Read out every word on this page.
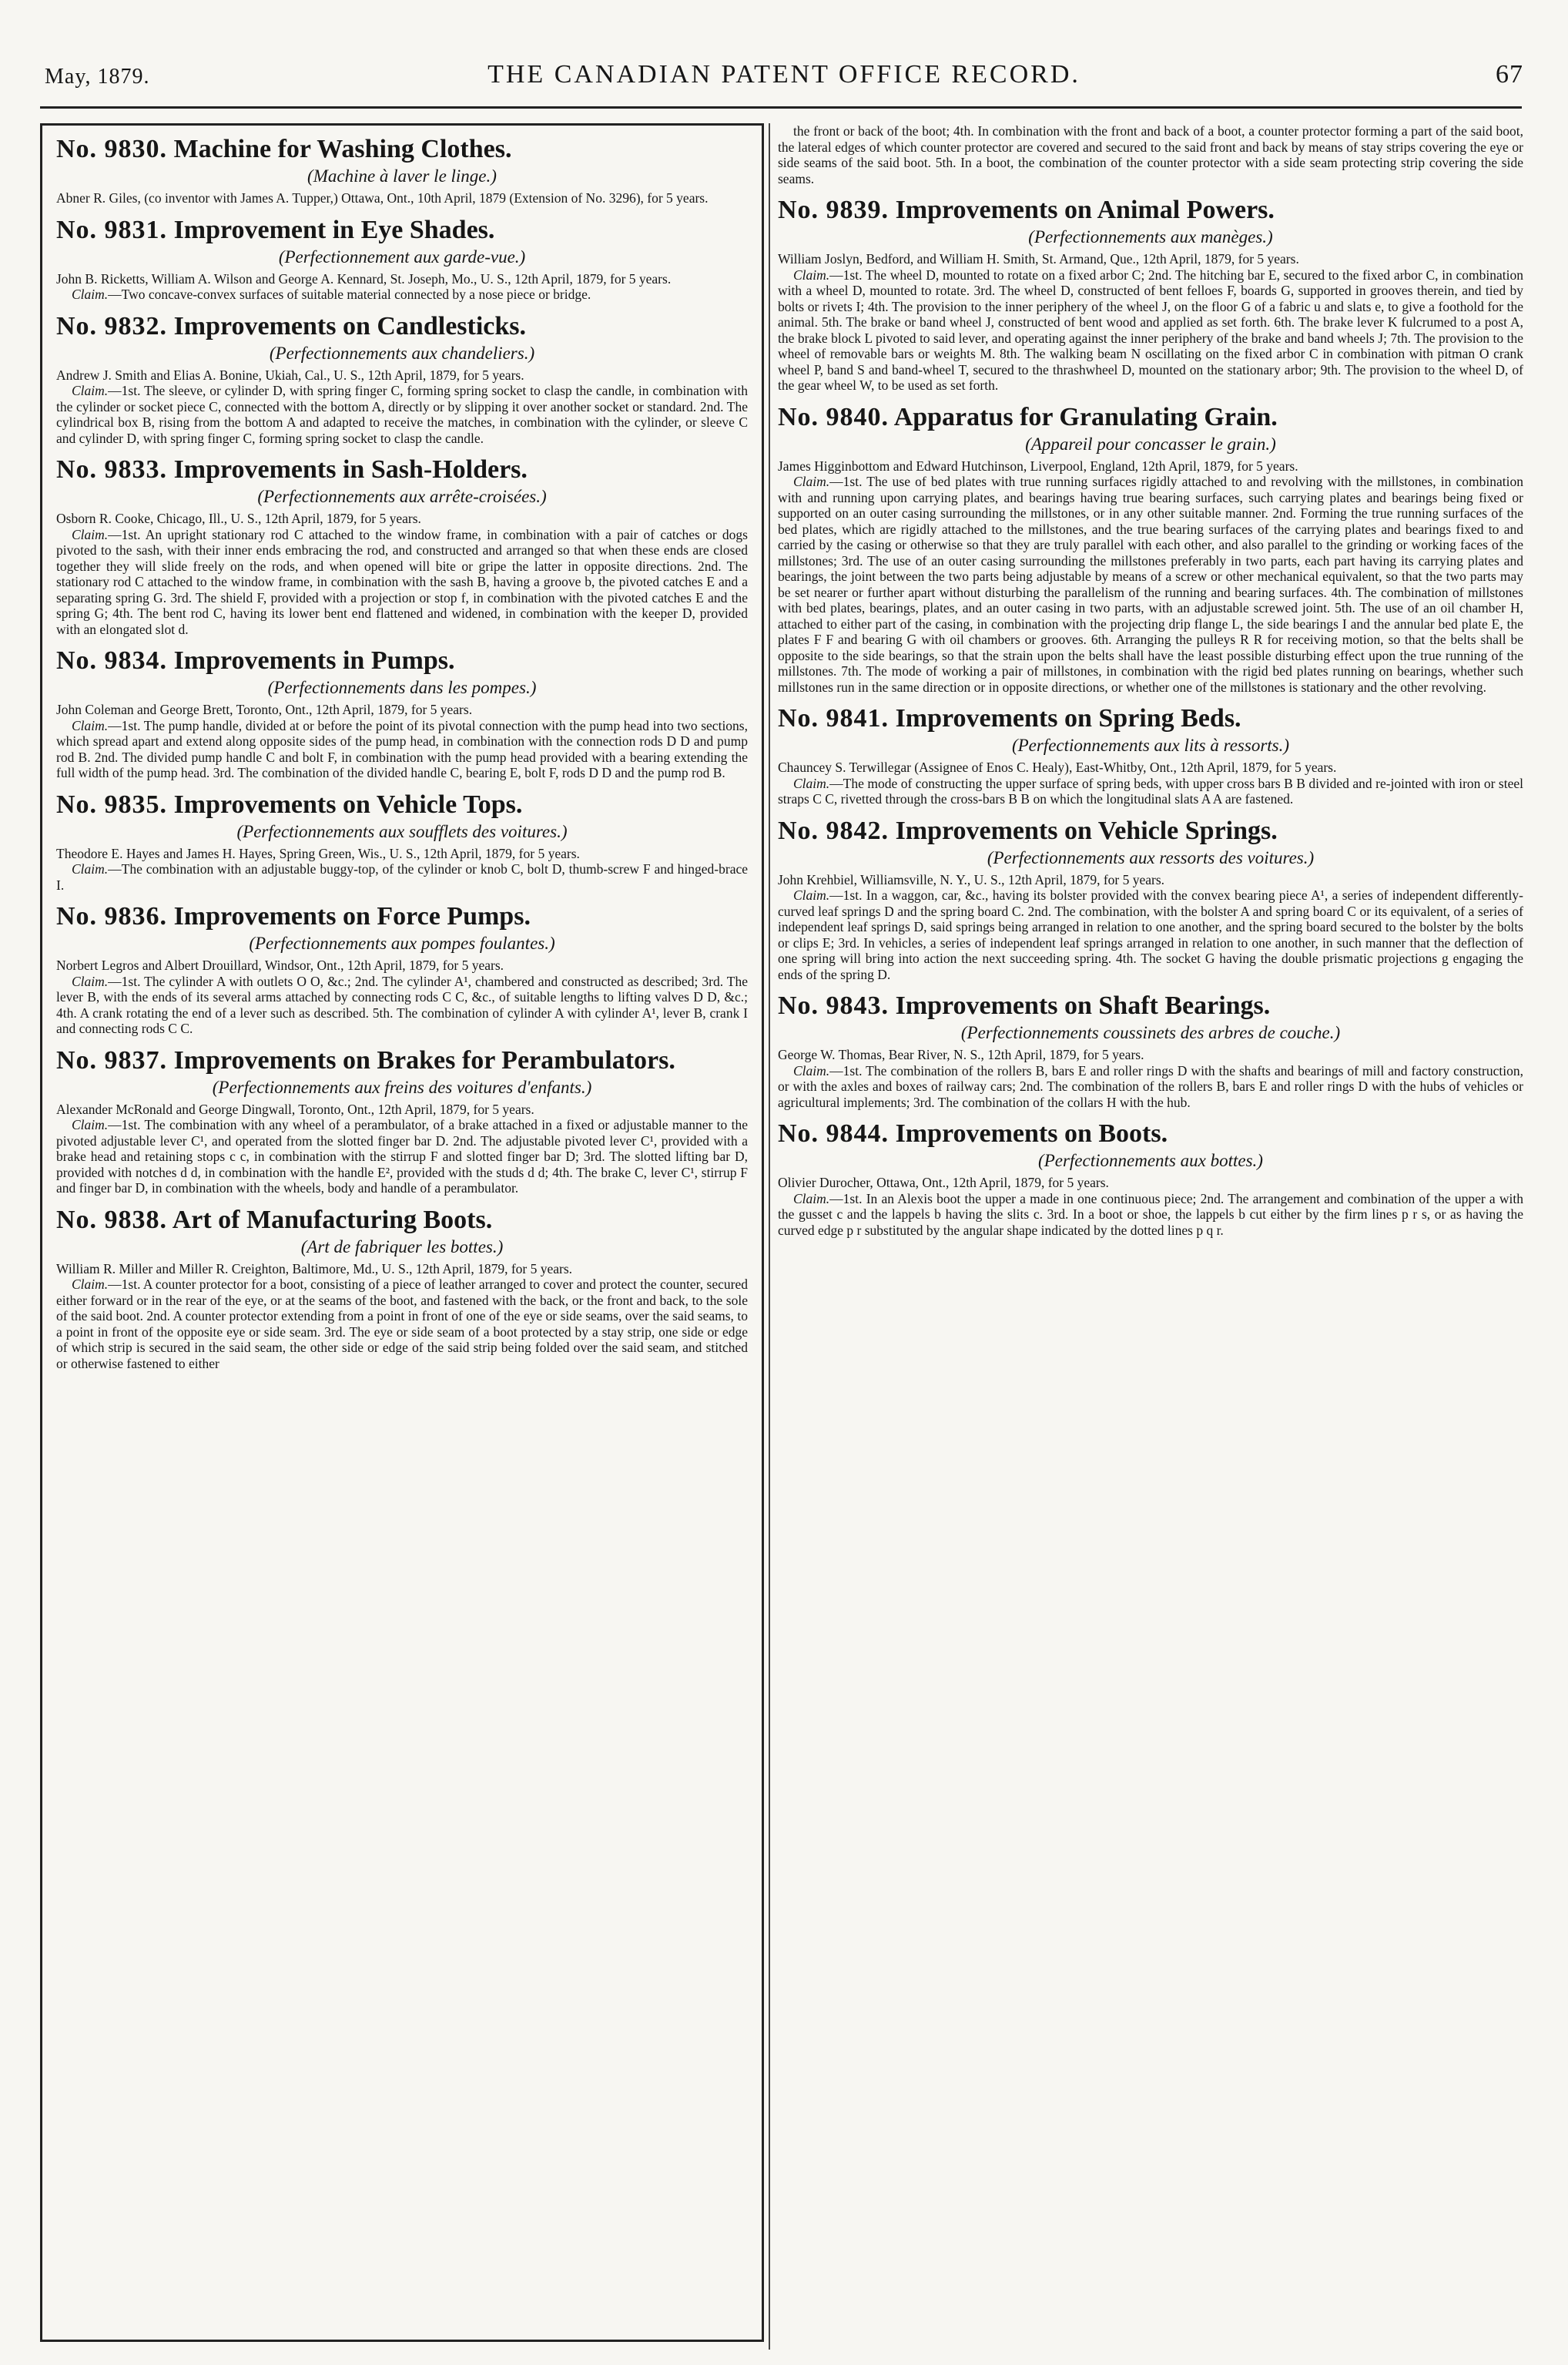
May, 1879.	THE CANADIAN PATENT OFFICE RECORD.	67
No. 9830. Machine for Washing Clothes.
(Machine à laver le linge.)

Abner R. Giles, (co inventor with James A. Tupper,) Ottawa, Ont., 10th April, 1879 (Extension of No. 3296), for 5 years.

No. 9831. Improvement in Eye Shades.
(Perfectionnement aux garde-vue.)

John B. Ricketts, William A. Wilson and George A. Kennard, St. Joseph, Mo., U. S., 12th April, 1879, for 5 years.

Claim.—Two concave-convex surfaces of suitable material connected by a nose piece or bridge.

No. 9832. Improvements on Candlesticks.
(Perfectionnements aux chandeliers.)

Andrew J. Smith and Elias A. Bonine, Ukiah, Cal., U. S., 12th April, 1879, for 5 years.

Claim.—1st. The sleeve, or cylinder D, with spring finger C, forming spring socket to clasp the candle, in combination with the cylinder or socket piece C, connected with the bottom A, directly or by slipping it over another socket or standard. 2nd. The cylindrical box B, rising from the bottom A and adapted to receive the matches, in combination with the cylinder, or sleeve C and cylinder D, with spring finger C, forming spring socket to clasp the candle.

No. 9833. Improvements in Sash-Holders.
(Perfectionnements aux arrête-croisées.)

Osborn R. Cooke, Chicago, Ill., U. S., 12th April, 1879, for 5 years.

Claim.—1st. An upright stationary rod C attached to the window frame, in combination with a pair of catches or dogs pivoted to the sash, with their inner ends embracing the rod, and constructed and arranged so that when these ends are closed together they will slide freely on the rods, and when opened will bite or gripe the latter in opposite directions. 2nd. The stationary rod C attached to the window frame, in combination with the sash B, having a groove b, the pivoted catches E and a separating spring G. 3rd. The shield F, provided with a projection or stop f, in combination with the pivoted catches E and the spring G; 4th. The bent rod C, having its lower bent end flattened and widened, in combination with the keeper D, provided with an elongated slot d.

No. 9834. Improvements in Pumps.
(Perfectionnements dans les pompes.)

John Coleman and George Brett, Toronto, Ont., 12th April, 1879, for 5 years.

Claim.—1st. The pump handle, divided at or before the point of its pivotal connection with the pump head into two sections, which spread apart and extend along opposite sides of the pump head, in combination with the connection rods D D and pump rod B. 2nd. The divided pump handle C and bolt F, in combination with the pump head provided with a bearing extending the full width of the pump head. 3rd. The combination of the divided handle C, bearing E, bolt F, rods D D and the pump rod B.

No. 9835. Improvements on Vehicle Tops.
(Perfectionnements aux soufflets des voitures.)

Theodore E. Hayes and James H. Hayes, Spring Green, Wis., U. S., 12th April, 1879, for 5 years.

Claim.—The combination with an adjustable buggy-top, of the cylinder or knob C, bolt D, thumb-screw F and hinged-brace I.

No. 9836. Improvements on Force Pumps.
(Perfectionnements aux pompes foulantes.)

Norbert Legros and Albert Drouillard, Windsor, Ont., 12th April, 1879, for 5 years.

Claim.—1st. The cylinder A with outlets O O, &c.; 2nd. The cylinder A¹, chambered and constructed as described; 3rd. The lever B, with the ends of its several arms attached by connecting rods C C, &c., of suitable lengths to lifting valves D D, &c.; 4th. A crank rotating the end of a lever such as described. 5th. The combination of cylinder A with cylinder A¹, lever B, crank I and connecting rods C C.

No. 9837. Improvements on Brakes for Perambulators.
(Perfectionnements aux freins des voitures d'enfants.)

Alexander McRonald and George Dingwall, Toronto, Ont., 12th April, 1879, for 5 years.

Claim.—1st. The combination with any wheel of a perambulator, of a brake attached in a fixed or adjustable manner to the pivoted adjustable lever C¹, and operated from the slotted finger bar D. 2nd. The adjustable pivoted lever C¹, provided with a brake head and retaining stops c c, in combination with the stirrup F and slotted finger bar D; 3rd. The slotted lifting bar D, provided with notches d d, in combination with the handle E², provided with the studs d d; 4th. The brake C, lever C¹, stirrup F and finger bar D, in combination with the wheels, body and handle of a perambulator.

No. 9838. Art of Manufacturing Boots.
(Art de fabriquer les bottes.)

William R. Miller and Miller R. Creighton, Baltimore, Md., U. S., 12th April, 1879, for 5 years.

Claim.—1st. A counter protector for a boot, consisting of a piece of leather arranged to cover and protect the counter, secured either forward or in the rear of the eye, or at the seams of the boot, and fastened with the back, or the front and back, to the sole of the said boot. 2nd. A counter protector extending from a point in front of one of the eye or side seams, over the said seams, to a point in front of the opposite eye or side seam. 3rd. The eye or side seam of a boot protected by a stay strip, one side or edge of which strip is secured in the said seam, the other side or edge of the said strip being folded over the said seam, and stitched or otherwise fastened to either

the front or back of the boot; 4th. In combination with the front and back of a boot, a counter protector forming a part of the said boot, the lateral edges of which counter protector are covered and secured to the said front and back by means of stay strips covering the eye or side seams of the said boot. 5th. In a boot, the combination of the counter protector with a side seam protecting strip covering the side seams.

No. 9839. Improvements on Animal Powers.
(Perfectionnements aux manèges.)

William Joslyn, Bedford, and William H. Smith, St. Armand, Que., 12th April, 1879, for 5 years.

Claim.—1st. The wheel D, mounted to rotate on a fixed arbor C; 2nd. The hitching bar E, secured to the fixed arbor C, in combination with a wheel D, mounted to rotate. 3rd. The wheel D, constructed of bent felloes F, boards G, supported in grooves therein, and tied by bolts or rivets I; 4th. The provision to the inner periphery of the wheel J, on the floor G of a fabric u and slats e, to give a foothold for the animal. 5th. The brake or band wheel J, constructed of bent wood and applied as set forth. 6th. The brake lever K fulcrumed to a post A, the brake block L pivoted to said lever, and operating against the inner periphery of the brake and band wheels J; 7th. The provision to the wheel of removable bars or weights M. 8th. The walking beam N oscillating on the fixed arbor C in combination with pitman O crank wheel P, band S and band-wheel T, secured to the thrashwheel D, mounted on the stationary arbor; 9th. The provision to the wheel D, of the gear wheel W, to be used as set forth.

No. 9840. Apparatus for Granulating Grain.
(Appareil pour concasser le grain.)

James Higginbottom and Edward Hutchinson, Liverpool, England, 12th April, 1879, for 5 years.

Claim.—1st. The use of bed plates with true running surfaces rigidly attached to and revolving with the millstones, in combination with and running upon carrying plates, and bearings having true bearing surfaces, such carrying plates and bearings being fixed or supported on an outer casing surrounding the millstones, or in any other suitable manner. 2nd. Forming the true running surfaces of the bed plates, which are rigidly attached to the millstones, and the true bearing surfaces of the carrying plates and bearings fixed to and carried by the casing or otherwise so that they are truly parallel with each other, and also parallel to the grinding or working faces of the millstones; 3rd. The use of an outer casing surrounding the millstones preferably in two parts, each part having its carrying plates and bearings, the joint between the two parts being adjustable by means of a screw or other mechanical equivalent, so that the two parts may be set nearer or further apart without disturbing the parallelism of the running and bearing surfaces. 4th. The combination of millstones with bed plates, bearings, plates, and an outer casing in two parts, with an adjustable screwed joint. 5th. The use of an oil chamber H, attached to either part of the casing, in combination with the projecting drip flange L, the side bearings I and the annular bed plate E, the plates F F and bearing G with oil chambers or grooves. 6th. Arranging the pulleys R R for receiving motion, so that the belts shall be opposite to the side bearings, so that the strain upon the belts shall have the least possible disturbing effect upon the true running of the millstones. 7th. The mode of working a pair of millstones, in combination with the rigid bed plates running on bearings, whether such millstones run in the same direction or in opposite directions, or whether one of the millstones is stationary and the other revolving.

No. 9841. Improvements on Spring Beds.
(Perfectionnements aux lits à ressorts.)

Chauncey S. Terwillegar (Assignee of Enos C. Healy), East-Whitby, Ont., 12th April, 1879, for 5 years.

Claim.—The mode of constructing the upper surface of spring beds, with upper cross bars B B divided and re-jointed with iron or steel straps C C, rivetted through the cross-bars B B on which the longitudinal slats A A are fastened.

No. 9842. Improvements on Vehicle Springs.
(Perfectionnements aux ressorts des voitures.)

John Krehbiel, Williamsville, N. Y., U. S., 12th April, 1879, for 5 years.

Claim.—1st. In a waggon, car, &c., having its bolster provided with the convex bearing piece A¹, a series of independent differently-curved leaf springs D and the spring board C. 2nd. The combination, with the bolster A and spring board C or its equivalent, of a series of independent leaf springs D, said springs being arranged in relation to one another, and the spring board secured to the bolster by the bolts or clips E; 3rd. In vehicles, a series of independent leaf springs arranged in relation to one another, in such manner that the deflection of one spring will bring into action the next succeeding spring. 4th. The socket G having the double prismatic projections g engaging the ends of the spring D.

No. 9843. Improvements on Shaft Bearings.
(Perfectionnements coussinets des arbres de couche.)

George W. Thomas, Bear River, N. S., 12th April, 1879, for 5 years.

Claim.—1st. The combination of the rollers B, bars E and roller rings D with the shafts and bearings of mill and factory construction, or with the axles and boxes of railway cars; 2nd. The combination of the rollers B, bars E and roller rings D with the hubs of vehicles or agricultural implements; 3rd. The combination of the collars H with the hub.

No. 9844. Improvements on Boots.
(Perfectionnements aux bottes.)

Olivier Durocher, Ottawa, Ont., 12th April, 1879, for 5 years.

Claim.—1st. In an Alexis boot the upper a made in one continuous piece; 2nd. The arrangement and combination of the upper a with the gusset c and the lappels b having the slits c. 3rd. In a boot or shoe, the lappels b cut either by the firm lines p r s, or as having the curved edge p r substituted by the angular shape indicated by the dotted lines p q r.
